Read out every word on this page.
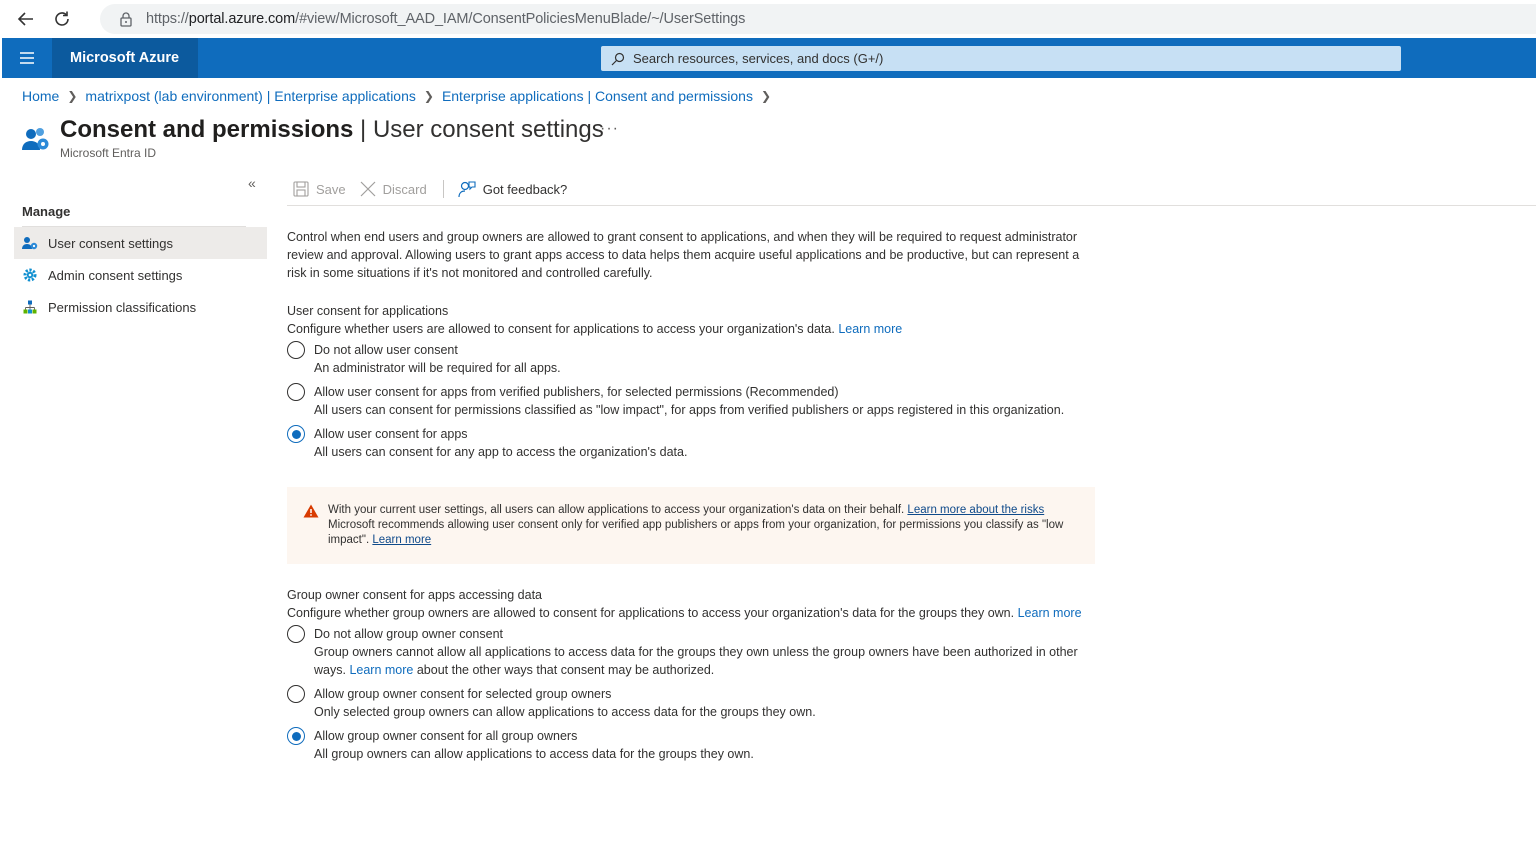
https://portal.azure.com/#view/Microsoft_AAD_IAM/ConsentPoliciesMenuBlade/~/UserSettings
Microsoft Azure	Search resources, services, and docs (G+/)
Home ❯ matrixpost (lab environment) | Enterprise applications ❯ Enterprise applications | Consent and permissions ❯
Consent and permissions | User consent settings
···
Microsoft Entra ID
«
Manage
User consent settings
Admin consent settings
Permission classifications
Save	Discard	Got feedback?
Control when end users and group owners are allowed to grant consent to applications, and when they will be required to request administrator review and approval. Allowing users to grant apps access to data helps them acquire useful applications and be productive, but can represent a risk in some situations if it's not monitored and controlled carefully.
User consent for applications
Configure whether users are allowed to consent for applications to access your organization's data. Learn more
Do not allow user consent
An administrator will be required for all apps.
Allow user consent for apps from verified publishers, for selected permissions (Recommended)
All users can consent for permissions classified as "low impact", for apps from verified publishers or apps registered in this organization.
Allow user consent for apps
All users can consent for any app to access the organization's data.
With your current user settings, all users can allow applications to access your organization's data on their behalf. Learn more about the risks
Microsoft recommends allowing user consent only for verified app publishers or apps from your organization, for permissions you classify as "low impact". Learn more
Group owner consent for apps accessing data
Configure whether group owners are allowed to consent for applications to access your organization's data for the groups they own. Learn more
Do not allow group owner consent
Group owners cannot allow all applications to access data for the groups they own unless the group owners have been authorized in other ways. Learn more about the other ways that consent may be authorized.
Allow group owner consent for selected group owners
Only selected group owners can allow applications to access data for the groups they own.
Allow group owner consent for all group owners
All group owners can allow applications to access data for the groups they own.
